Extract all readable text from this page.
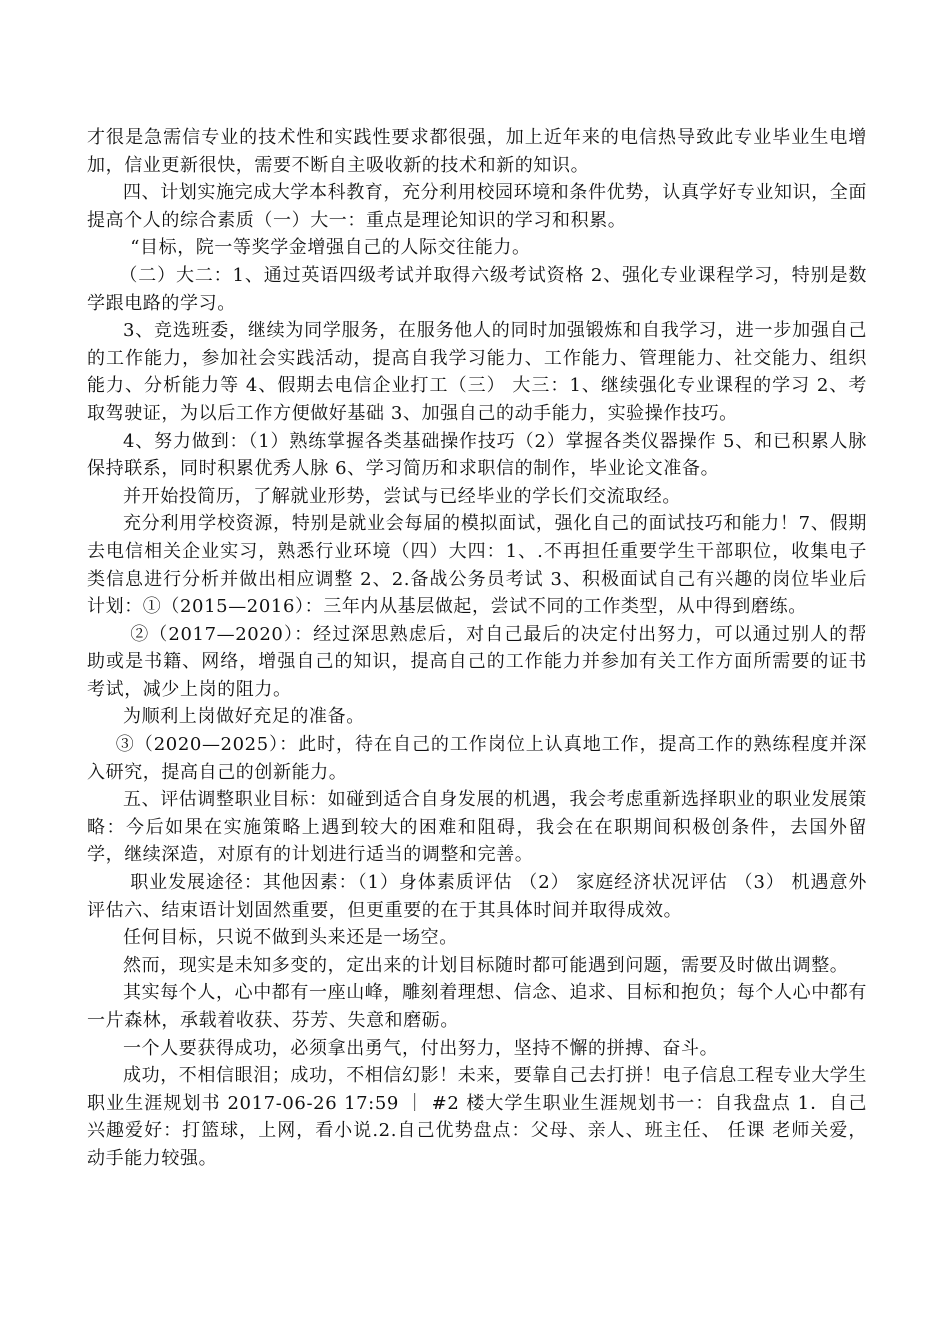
才很是急需信专业的技术性和实践性要求都很强，加上近年来的电信热导致此专业毕业生电增加，信业更新很快，需要不断自主吸收新的技术和新的知识。

四、计划实施完成大学本科教育，充分利用校园环境和条件优势，认真学好专业知识，全面提高个人的综合素质（一）大一：重点是理论知识的学习和积累。

“目标，院一等奖学金增强自己的人际交往能力。

（二）大二：1、通过英语四级考试并取得六级考试资格 2、强化专业课程学习，特别是数学跟电路的学习。

3、竞选班委，继续为同学服务，在服务他人的同时加强锻炼和自我学习，进一步加强自己的工作能力，参加社会实践活动，提高自我学习能力、工作能力、管理能力、社交能力、组织能力、分析能力等 4、假期去电信企业打工（三） 大三：1、继续强化专业课程的学习 2、考取驾驶证，为以后工作方便做好基础 3、加强自己的动手能力，实验操作技巧。

4、努力做到：（1）熟练掌握各类基础操作技巧（2）掌握各类仪器操作 5、和已积累人脉保持联系，同时积累优秀人脉 6、学习简历和求职信的制作，毕业论文准备。

并开始投简历，了解就业形势，尝试与已经毕业的学长们交流取经。

充分利用学校资源，特别是就业会每届的模拟面试，强化自己的面试技巧和能力！7、假期去电信相关企业实习，熟悉行业环境（四）大四：1、.不再担任重要学生干部职位，收集电子类信息进行分析并做出相应调整 2、2.备战公务员考试 3、积极面试自己有兴趣的岗位毕业后计划：①（2015—2016）：三年内从基层做起，尝试不同的工作类型，从中得到磨练。

②（2017—2020）：经过深思熟虑后，对自己最后的决定付出努力，可以通过别人的帮助或是书籍、网络，增强自己的知识，提高自己的工作能力并参加有关工作方面所需要的证书考试，减少上岗的阻力。

为顺利上岗做好充足的准备。

③（2020—2025）：此时，待在自己的工作岗位上认真地工作，提高工作的熟练程度并深入研究，提高自己的创新能力。

五、评估调整职业目标：如碰到适合自身发展的机遇，我会考虑重新选择职业的职业发展策略：今后如果在实施策略上遇到较大的困难和阻碍，我会在在职期间积极创条件，去国外留学，继续深造，对原有的计划进行适当的调整和完善。

职业发展途径：其他因素：（1）身体素质评估 （2） 家庭经济状况评估 （3） 机遇意外评估六、结束语计划固然重要，但更重要的在于其具体时间并取得成效。

任何目标，只说不做到头来还是一场空。

然而，现实是未知多变的，定出来的计划目标随时都可能遇到问题，需要及时做出调整。

其实每个人，心中都有一座山峰，雕刻着理想、信念、追求、目标和抱负；每个人心中都有一片森林，承载着收获、芬芳、失意和磨砺。

一个人要获得成功，必须拿出勇气，付出努力，坚持不懈的拼搏、奋斗。

成功，不相信眼泪；成功，不相信幻影！未来，要靠自己去打拼！电子信息工程专业大学生职业生涯规划书 2017-06-26 17:59 ｜ #2 楼大学生职业生涯规划书一：自我盘点 1．自己兴趣爱好：打篮球，上网，看小说.2.自己优势盘点：父母、亲人、班主任、 任课 老师关爱，动手能力较强。
